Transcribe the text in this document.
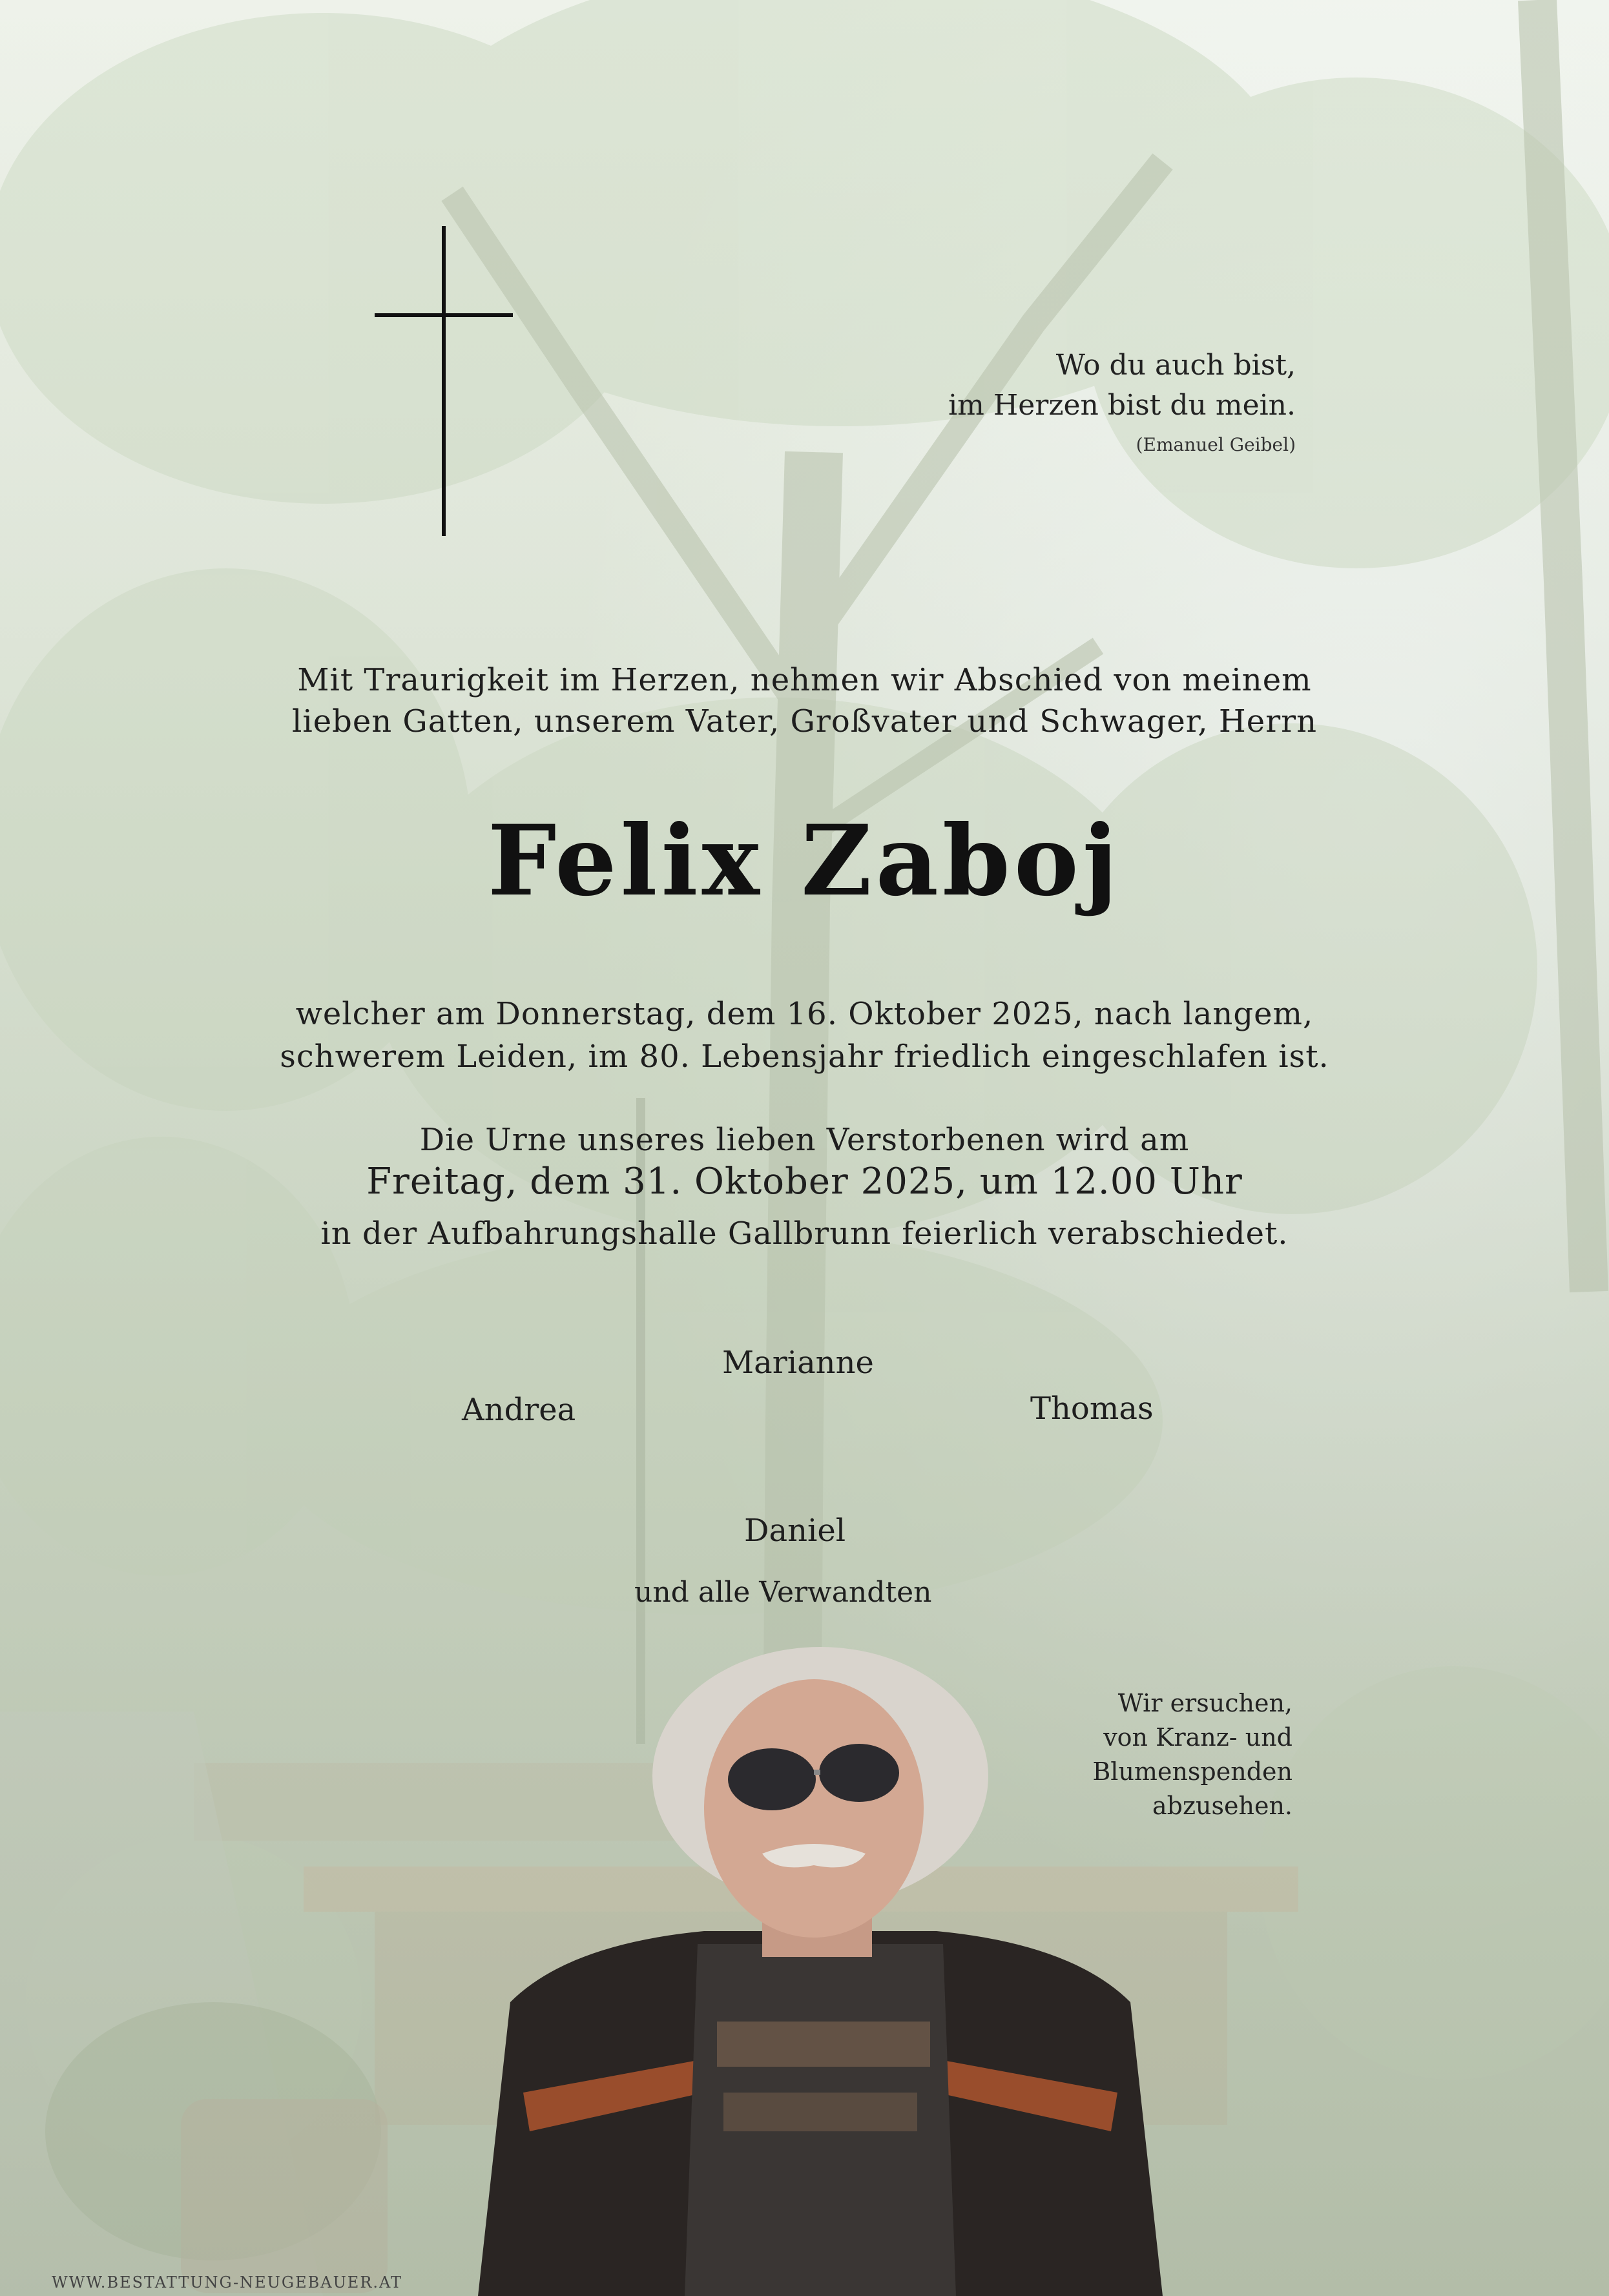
Wo du auch bist,

im Herzen bist du mein.

(Emanuel Geibel)

Mit Traurigkeit im Herzen, nehmen wir Abschied von meinem

lieben Gatten, unserem Vater, Großvater und Schwager, Herrn

Felix Zaboj

welcher am Donnerstag, dem 16. Oktober 2025, nach langem,

schwerem Leiden, im 80. Lebensjahr friedlich eingeschlafen ist.

Die Urne unseres lieben Verstorbenen wird am

Freitag, dem 31. Oktober 2025, um 12.00 Uhr

in der Aufbahrungshalle Gallbrunn feierlich verabschiedet.

Marianne

Andrea	Thomas

Daniel

und alle Verwandten

Wir ersuchen,

von Kranz- und

Blumenspenden

abzusehen.

WWW.BESTATTUNG-NEUGEBAUER.AT
